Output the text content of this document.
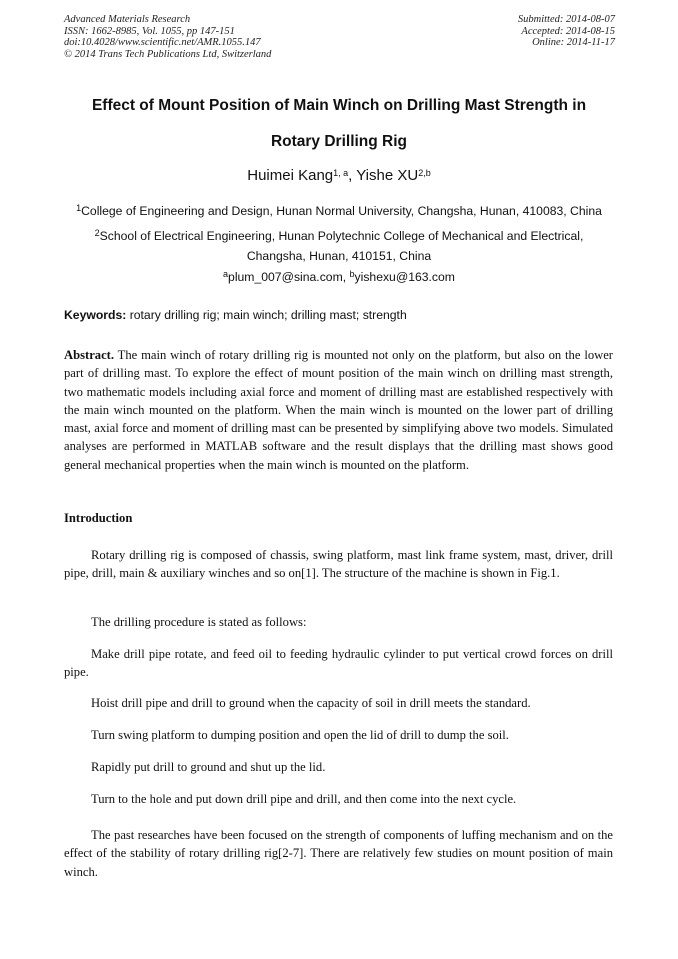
Advanced Materials Research
ISSN: 1662-8985, Vol. 1055, pp 147-151
doi:10.4028/www.scientific.net/AMR.1055.147
© 2014 Trans Tech Publications Ltd, Switzerland
Submitted: 2014-08-07
Accepted: 2014-08-15
Online: 2014-11-17
Effect of Mount Position of Main Winch on Drilling Mast Strength in
Rotary Drilling Rig
Huimei Kang$^{1, a}$, Yishe XU$^{2,b}$
$^1$College of Engineering and Design, Hunan Normal University, Changsha, Hunan, 410083, China
$^2$School of Electrical Engineering, Hunan Polytechnic College of Mechanical and Electrical,
Changsha, Hunan, 410151, China
$^a$plum_007@sina.com, $^b$yishexu@163.com
Keywords: rotary drilling rig; main winch; drilling mast; strength
Abstract. The main winch of rotary drilling rig is mounted not only on the platform, but also on the lower part of drilling mast. To explore the effect of mount position of the main winch on drilling mast strength, two mathematic models including axial force and moment of drilling mast are established respectively with the main winch mounted on the platform. When the main winch is mounted on the lower part of drilling mast, axial force and moment of drilling mast can be presented by simplifying above two models. Simulated analyses are performed in MATLAB software and the result displays that the drilling mast shows good general mechanical properties when the main winch is mounted on the platform.
Introduction
Rotary drilling rig is composed of chassis, swing platform, mast link frame system, mast, driver, drill pipe, drill, main & auxiliary winches and so on[1]. The structure of the machine is shown in Fig.1.
The drilling procedure is stated as follows:
Make drill pipe rotate, and feed oil to feeding hydraulic cylinder to put vertical crowd forces on drill pipe.
Hoist drill pipe and drill to ground when the capacity of soil in drill meets the standard.
Turn swing platform to dumping position and open the lid of drill to dump the soil.
Rapidly put drill to ground and shut up the lid.
Turn to the hole and put down drill pipe and drill, and then come into the next cycle.
The past researches have been focused on the strength of components of luffing mechanism and on the effect of the stability of rotary drilling rig[2-7]. There are relatively few studies on mount position of main winch.
